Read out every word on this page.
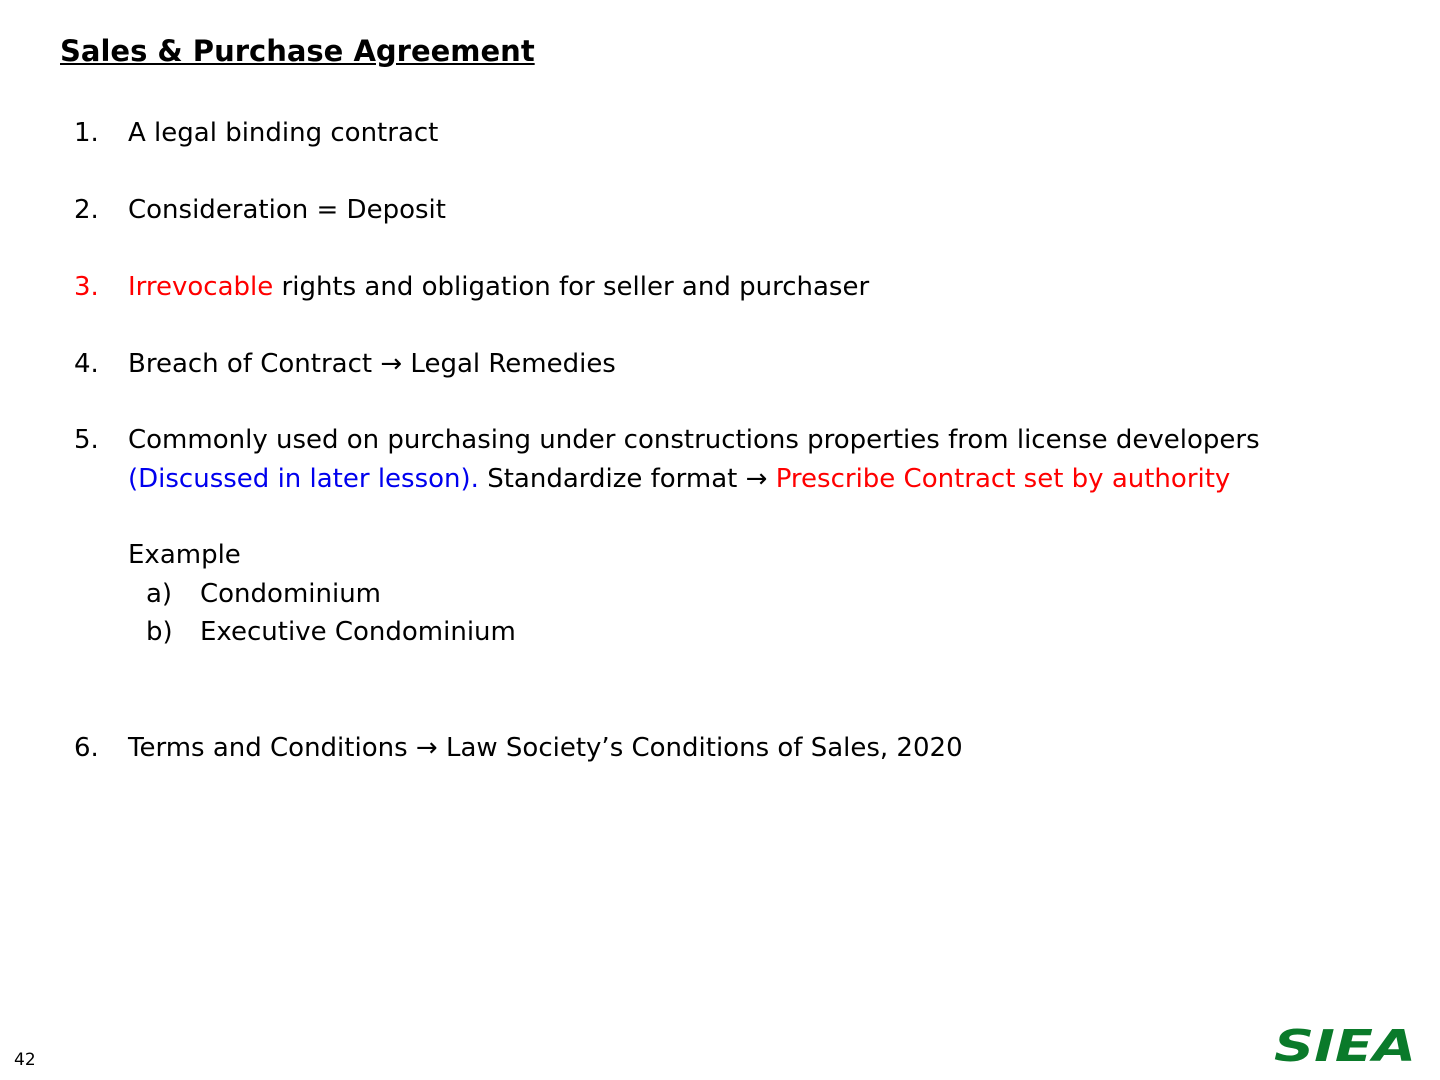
Sales & Purchase Agreement
1. A legal binding contract
2. Consideration = Deposit
3. Irrevocable rights and obligation for seller and purchaser
4. Breach of Contract → Legal Remedies
5. Commonly used on purchasing under constructions properties from license developers
(Discussed in later lesson). Standardize format → Prescribe Contract set by authority
Example
a) Condominium
b) Executive Condominium
6. Terms and Conditions → Law Society’s Conditions of Sales, 2020
42	SIEA
